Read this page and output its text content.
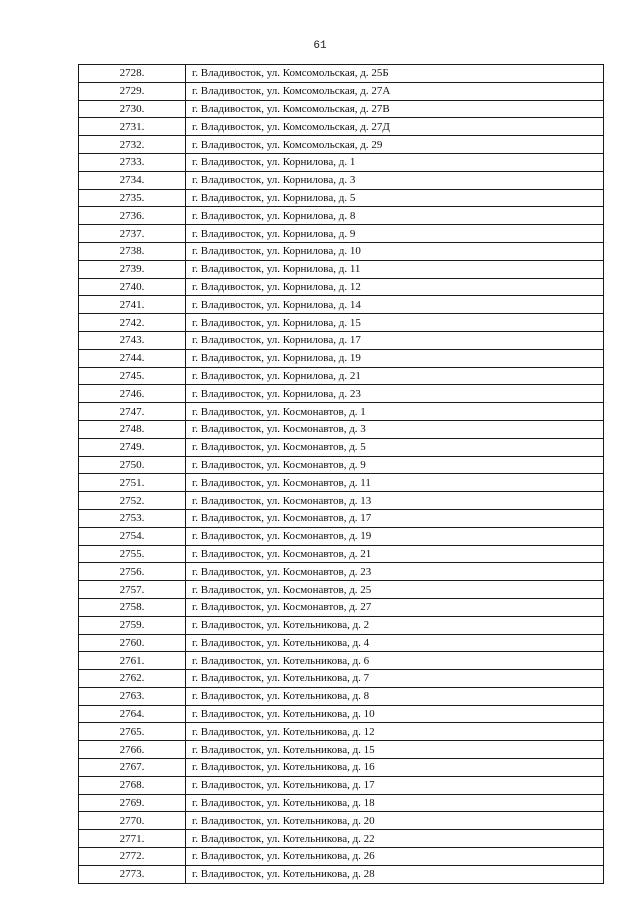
61
2728.	г. Владивосток, ул. Комсомольская, д. 25Б
2729.	г. Владивосток, ул. Комсомольская, д. 27А
2730.	г. Владивосток, ул. Комсомольская, д. 27В
2731.	г. Владивосток, ул. Комсомольская, д. 27Д
2732.	г. Владивосток, ул. Комсомольская, д. 29
2733.	г. Владивосток, ул. Корнилова, д. 1
2734.	г. Владивосток, ул. Корнилова, д. 3
2735.	г. Владивосток, ул. Корнилова, д. 5
2736.	г. Владивосток, ул. Корнилова, д. 8
2737.	г. Владивосток, ул. Корнилова, д. 9
2738.	г. Владивосток, ул. Корнилова, д. 10
2739.	г. Владивосток, ул. Корнилова, д. 11
2740.	г. Владивосток, ул. Корнилова, д. 12
2741.	г. Владивосток, ул. Корнилова, д. 14
2742.	г. Владивосток, ул. Корнилова, д. 15
2743.	г. Владивосток, ул. Корнилова, д. 17
2744.	г. Владивосток, ул. Корнилова, д. 19
2745.	г. Владивосток, ул. Корнилова, д. 21
2746.	г. Владивосток, ул. Корнилова, д. 23
2747.	г. Владивосток, ул. Космонавтов, д. 1
2748.	г. Владивосток, ул. Космонавтов, д. 3
2749.	г. Владивосток, ул. Космонавтов, д. 5
2750.	г. Владивосток, ул. Космонавтов, д. 9
2751.	г. Владивосток, ул. Космонавтов, д. 11
2752.	г. Владивосток, ул. Космонавтов, д. 13
2753.	г. Владивосток, ул. Космонавтов, д. 17
2754.	г. Владивосток, ул. Космонавтов, д. 19
2755.	г. Владивосток, ул. Космонавтов, д. 21
2756.	г. Владивосток, ул. Космонавтов, д. 23
2757.	г. Владивосток, ул. Космонавтов, д. 25
2758.	г. Владивосток, ул. Космонавтов, д. 27
2759.	г. Владивосток, ул. Котельникова, д. 2
2760.	г. Владивосток, ул. Котельникова, д. 4
2761.	г. Владивосток, ул. Котельникова, д. 6
2762.	г. Владивосток, ул. Котельникова, д. 7
2763.	г. Владивосток, ул. Котельникова, д. 8
2764.	г. Владивосток, ул. Котельникова, д. 10
2765.	г. Владивосток, ул. Котельникова, д. 12
2766.	г. Владивосток, ул. Котельникова, д. 15
2767.	г. Владивосток, ул. Котельникова, д. 16
2768.	г. Владивосток, ул. Котельникова, д. 17
2769.	г. Владивосток, ул. Котельникова, д. 18
2770.	г. Владивосток, ул. Котельникова, д. 20
2771.	г. Владивосток, ул. Котельникова, д. 22
2772.	г. Владивосток, ул. Котельникова, д. 26
2773.	г. Владивосток, ул. Котельникова, д. 28
